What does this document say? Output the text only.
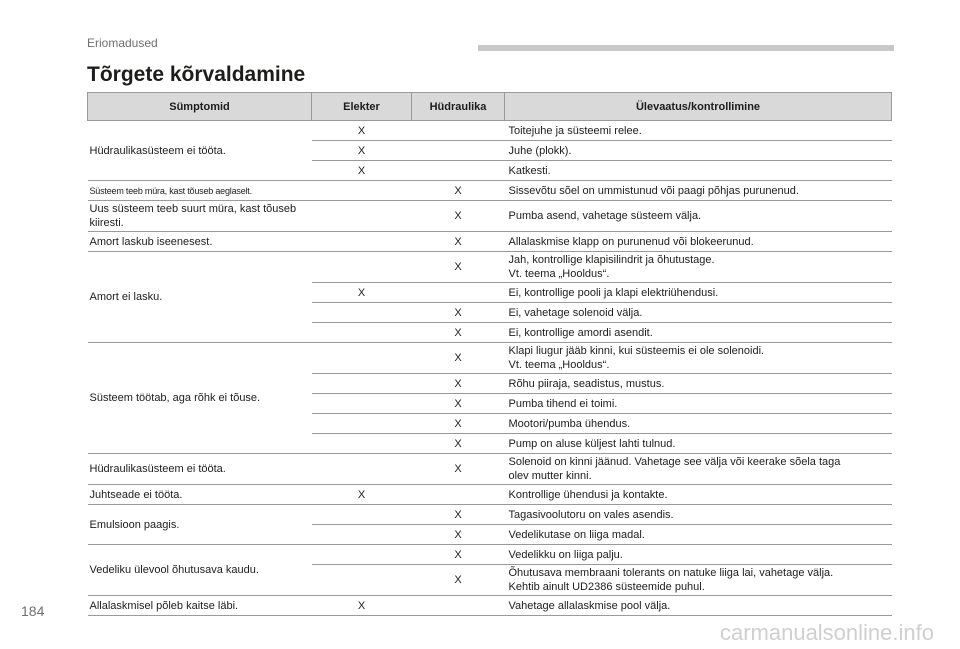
Eriomadused
Tõrgete kõrvaldamine
Sümptomid	Elekter	Hüdraulika	Ülevaatus/kontrollimine
Hüdraulikasüsteem ei tööta.	X		Toitejuhe ja süsteemi relee.

	X		Juhe (plokk).

	X		Katkesti.

Süsteem teeb müra, kast tõuseb aeglaselt.		X	Sissevõtu sõel on ummistunud või paagi põhjas purunenud.

Uus süsteem teeb suurt müra, kast tõuseb kiiresti.		X	Pumba asend, vahetage süsteem välja.

Amort laskub iseenesest.		X	Allalaskmise klapp on purunenud või blokeerunud.

Amort ei lasku.		X	Jah, kontrollige klapisilindrit ja õhutustage.
Vt. teema „Hooldus“.

	X		Ei, kontrollige pooli ja klapi elektriühendusi.

		X	Ei, vahetage solenoid välja.

		X	Ei, kontrollige amordi asendit.

Süsteem töötab, aga rõhk ei tõuse.		X	Klapi liugur jääb kinni, kui süsteemis ei ole solenoidi.
Vt. teema „Hooldus“.

		X	Rõhu piiraja, seadistus, mustus.

		X	Pumba tihend ei toimi.

		X	Mootori/pumba ühendus.

		X	Pump on aluse küljest lahti tulnud.

Hüdraulikasüsteem ei tööta.		X	Solenoid on kinni jäänud. Vahetage see välja või keerake sõela taga
olev mutter kinni.

Juhtseade ei tööta.	X		Kontrollige ühendusi ja kontakte.

Emulsioon paagis.		X	Tagasivoolutoru on vales asendis.

		X	Vedelikutase on liiga madal.

Vedeliku ülevool õhutusava kaudu.		X	Vedelikku on liiga palju.

		X	Õhutusava membraani tolerants on natuke liiga lai, vahetage välja.
Kehtib ainult UD2386 süsteemide puhul.

Allalaskmisel põleb kaitse läbi.	X		Vahetage allalaskmise pool välja.
184
carmanualsonline.info
